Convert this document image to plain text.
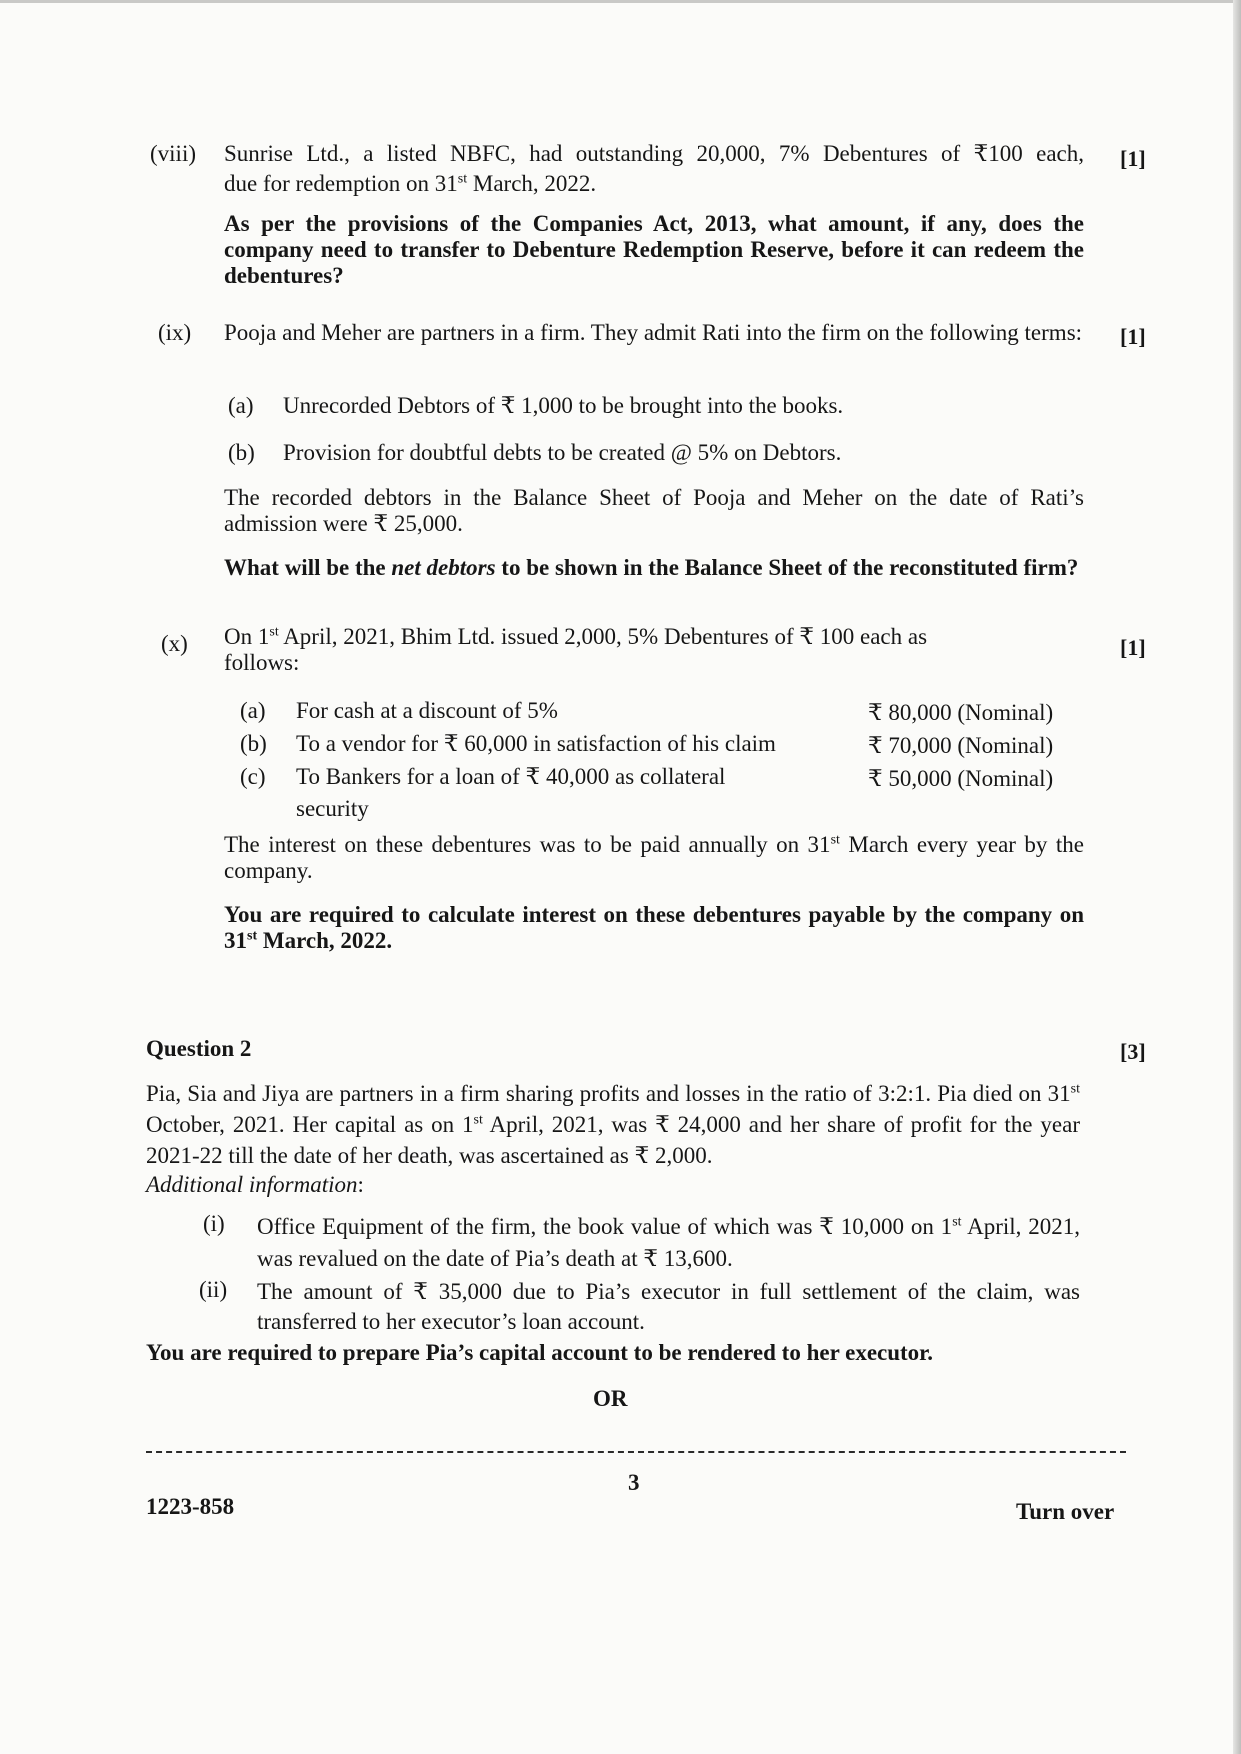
(viii)	[1]
Sunrise Ltd., a listed NBFC, had outstanding 20,000, 7% Debentures of ₹100 each,
due for redemption on 31st March, 2022.
As per the provisions of the Companies Act, 2013, what amount, if any, does the company need to transfer to Debenture Redemption Reserve, before it can redeem the debentures?
(ix)	[1]
Pooja and Meher are partners in a firm. They admit Rati into the firm on the following terms:
(a) Unrecorded Debtors of ₹ 1,000 to be brought into the books.
(b) Provision for doubtful debts to be created @ 5% on Debtors.
The recorded debtors in the Balance Sheet of Pooja and Meher on the date of Rati’s admission were ₹ 25,000.
What will be the net debtors to be shown in the Balance Sheet of the reconstituted firm?
(x)	[1]
On 1st April, 2021, Bhim Ltd. issued 2,000, 5% Debentures of ₹ 100 each as follows:
(a) For cash at a discount of 5%	₹ 80,000 (Nominal)
(b) To a vendor for ₹ 60,000 in satisfaction of his claim	₹ 70,000 (Nominal)
(c) To Bankers for a loan of ₹ 40,000 as collateral	₹ 50,000 (Nominal)
security
The interest on these debentures was to be paid annually on 31st March every year by the company.
You are required to calculate interest on these debentures payable by the company on 31st March, 2022.
Question 2	[3]
Pia, Sia and Jiya are partners in a firm sharing profits and losses in the ratio of 3:2:1. Pia died on 31st October, 2021. Her capital as on 1st April, 2021, was ₹ 24,000 and her share of profit for the year 2021-22 till the date of her death, was ascertained as ₹ 2,000.
Additional information:
(i) Office Equipment of the firm, the book value of which was ₹ 10,000 on 1st April, 2021, was revalued on the date of Pia’s death at ₹ 13,600.
(ii) The amount of ₹ 35,000 due to Pia’s executor in full settlement of the claim, was transferred to her executor’s loan account.
You are required to prepare Pia’s capital account to be rendered to her executor.
OR
3
1223-858	Turn over
